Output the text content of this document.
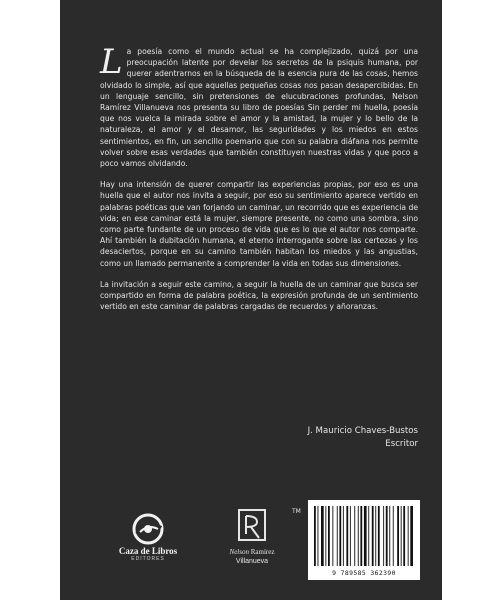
La poesía como el mundo actual se ha complejizado, quizá por una preocupación latente por develar los secretos de la psiquis humana, por querer adentrarnos en la búsqueda de la esencia pura de las cosas, hemos olvidado lo simple, así que aquellas pequeñas cosas nos pasan desapercibidas. En un lenguaje sencillo, sin pretensiones de elucubraciones profundas, Nelson Ramírez Villanueva nos presenta su libro de poesías Sin perder mi huella, poesía que nos vuelca la mirada sobre el amor y la amistad, la mujer y lo bello de la naturaleza, el amor y el desamor, las seguridades y los miedos en estos sentimientos, en fin, un sencillo poemario que con su palabra diáfana nos permite volver sobre esas verdades que también constituyen nuestras vidas y que poco a poco vamos olvidando.

Hay una intensión de querer compartir las experiencias propias, por eso es una huella que el autor nos invita a seguir, por eso su sentimiento aparece vertido en palabras poéticas que van forjando un caminar, un recorrido que es experiencia de vida; en ese caminar está la mujer, siempre presente, no como una sombra, sino como parte fundante de un proceso de vida que es lo que el autor nos comparte. Ahí también la dubitación humana, el eterno interrogante sobre las certezas y los desaciertos, porque en su camino también habitan los miedos y las angustias, como un llamado permanente a comprender la vida en todas sus dimensiones.

La invitación a seguir este camino, a seguir la huella de un caminar que busca ser compartido en forma de palabra poética, la expresión profunda de un sentimiento vertido en este caminar de palabras cargadas de recuerdos y añoranzas.

J. Mauricio Chaves-Bustos
Escritor
Caza de Libros
EDITORES
Nelson Ramírez
Villanueva
TM
9 789585 362390
